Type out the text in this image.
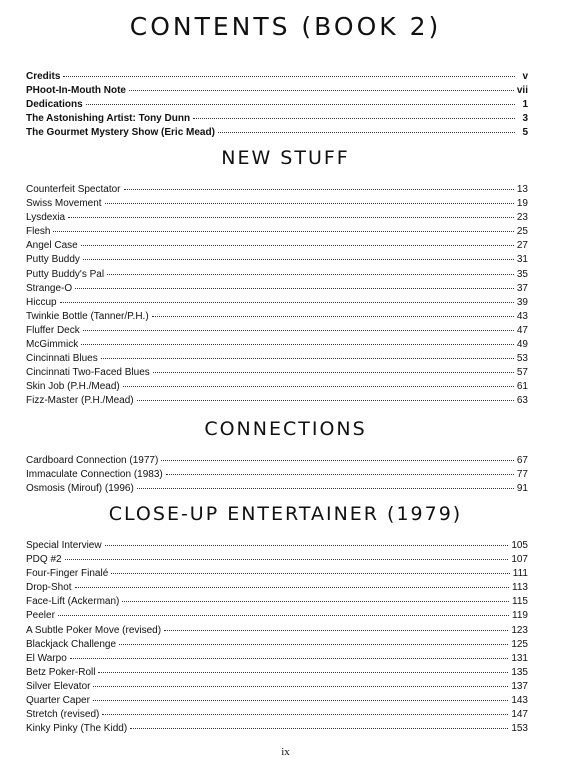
CONTENTS (BOOK 2)
Credits	v
PHoot-In-Mouth Note	vii
Dedications	1
The Astonishing Artist: Tony Dunn	3
The Gourmet Mystery Show (Eric Mead)	5
NEW STUFF
Counterfeit Spectator	13
Swiss Movement	19
Lysdexia	23
Flesh	25
Angel Case	27
Putty Buddy	31
Putty Buddy's Pal	35
Strange-O	37
Hiccup	39
Twinkie Bottle (Tanner/P.H.)	43
Fluffer Deck	47
McGimmick	49
Cincinnati Blues	53
Cincinnati Two-Faced Blues	57
Skin Job (P.H./Mead)	61
Fizz-Master (P.H./Mead)	63
CONNECTIONS
Cardboard Connection (1977)	67
Immaculate Connection (1983)	77
Osmosis (Mirouf) (1996)	91
CLOSE-UP ENTERTAINER (1979)
Special Interview	105
PDQ #2	107
Four-Finger Finalé	111
Drop-Shot	113
Face-Lift (Ackerman)	115
Peeler	119
A Subtle Poker Move (revised)	123
Blackjack Challenge	125
El Warpo	131
Betz Poker-Roll	135
Silver Elevator	137
Quarter Caper	143
Stretch (revised)	147
Kinky Pinky (The Kidd)	153
ix
